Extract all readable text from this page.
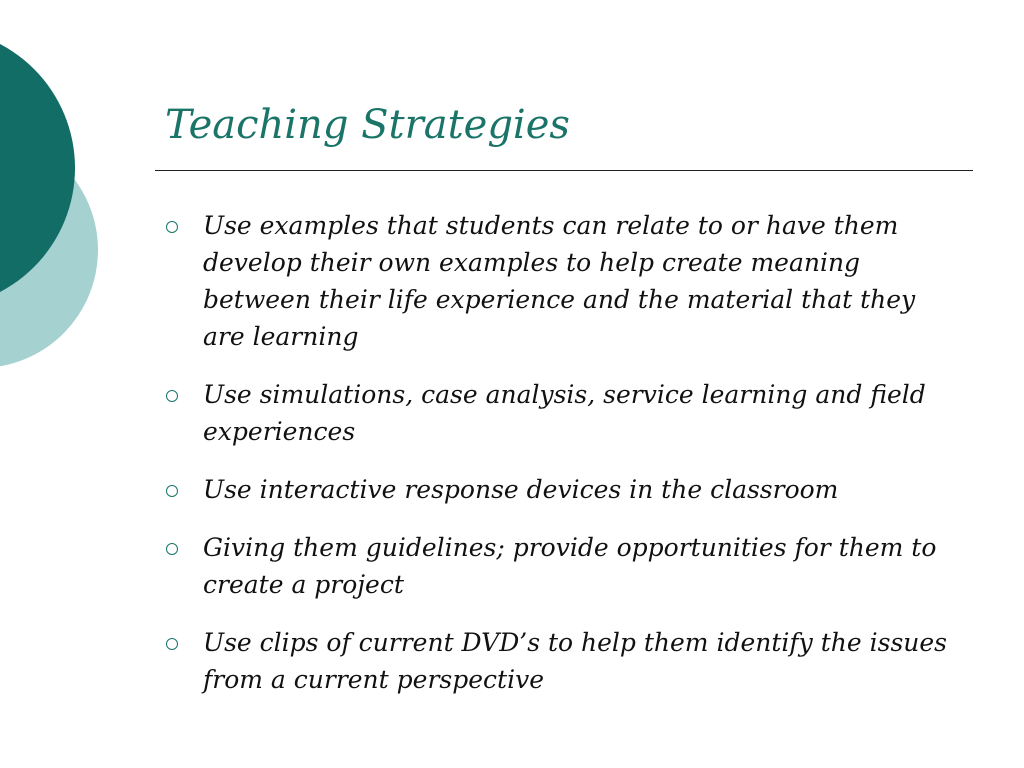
Teaching Strategies
Use examples that students can relate to or have them develop their own examples to help create meaning between their life experience and the material that they are learning
Use simulations, case analysis, service learning and field experiences
Use interactive response devices in the classroom
Giving them guidelines; provide opportunities for them to create a project
Use clips of current DVD’s to help them identify the issues from a current perspective
